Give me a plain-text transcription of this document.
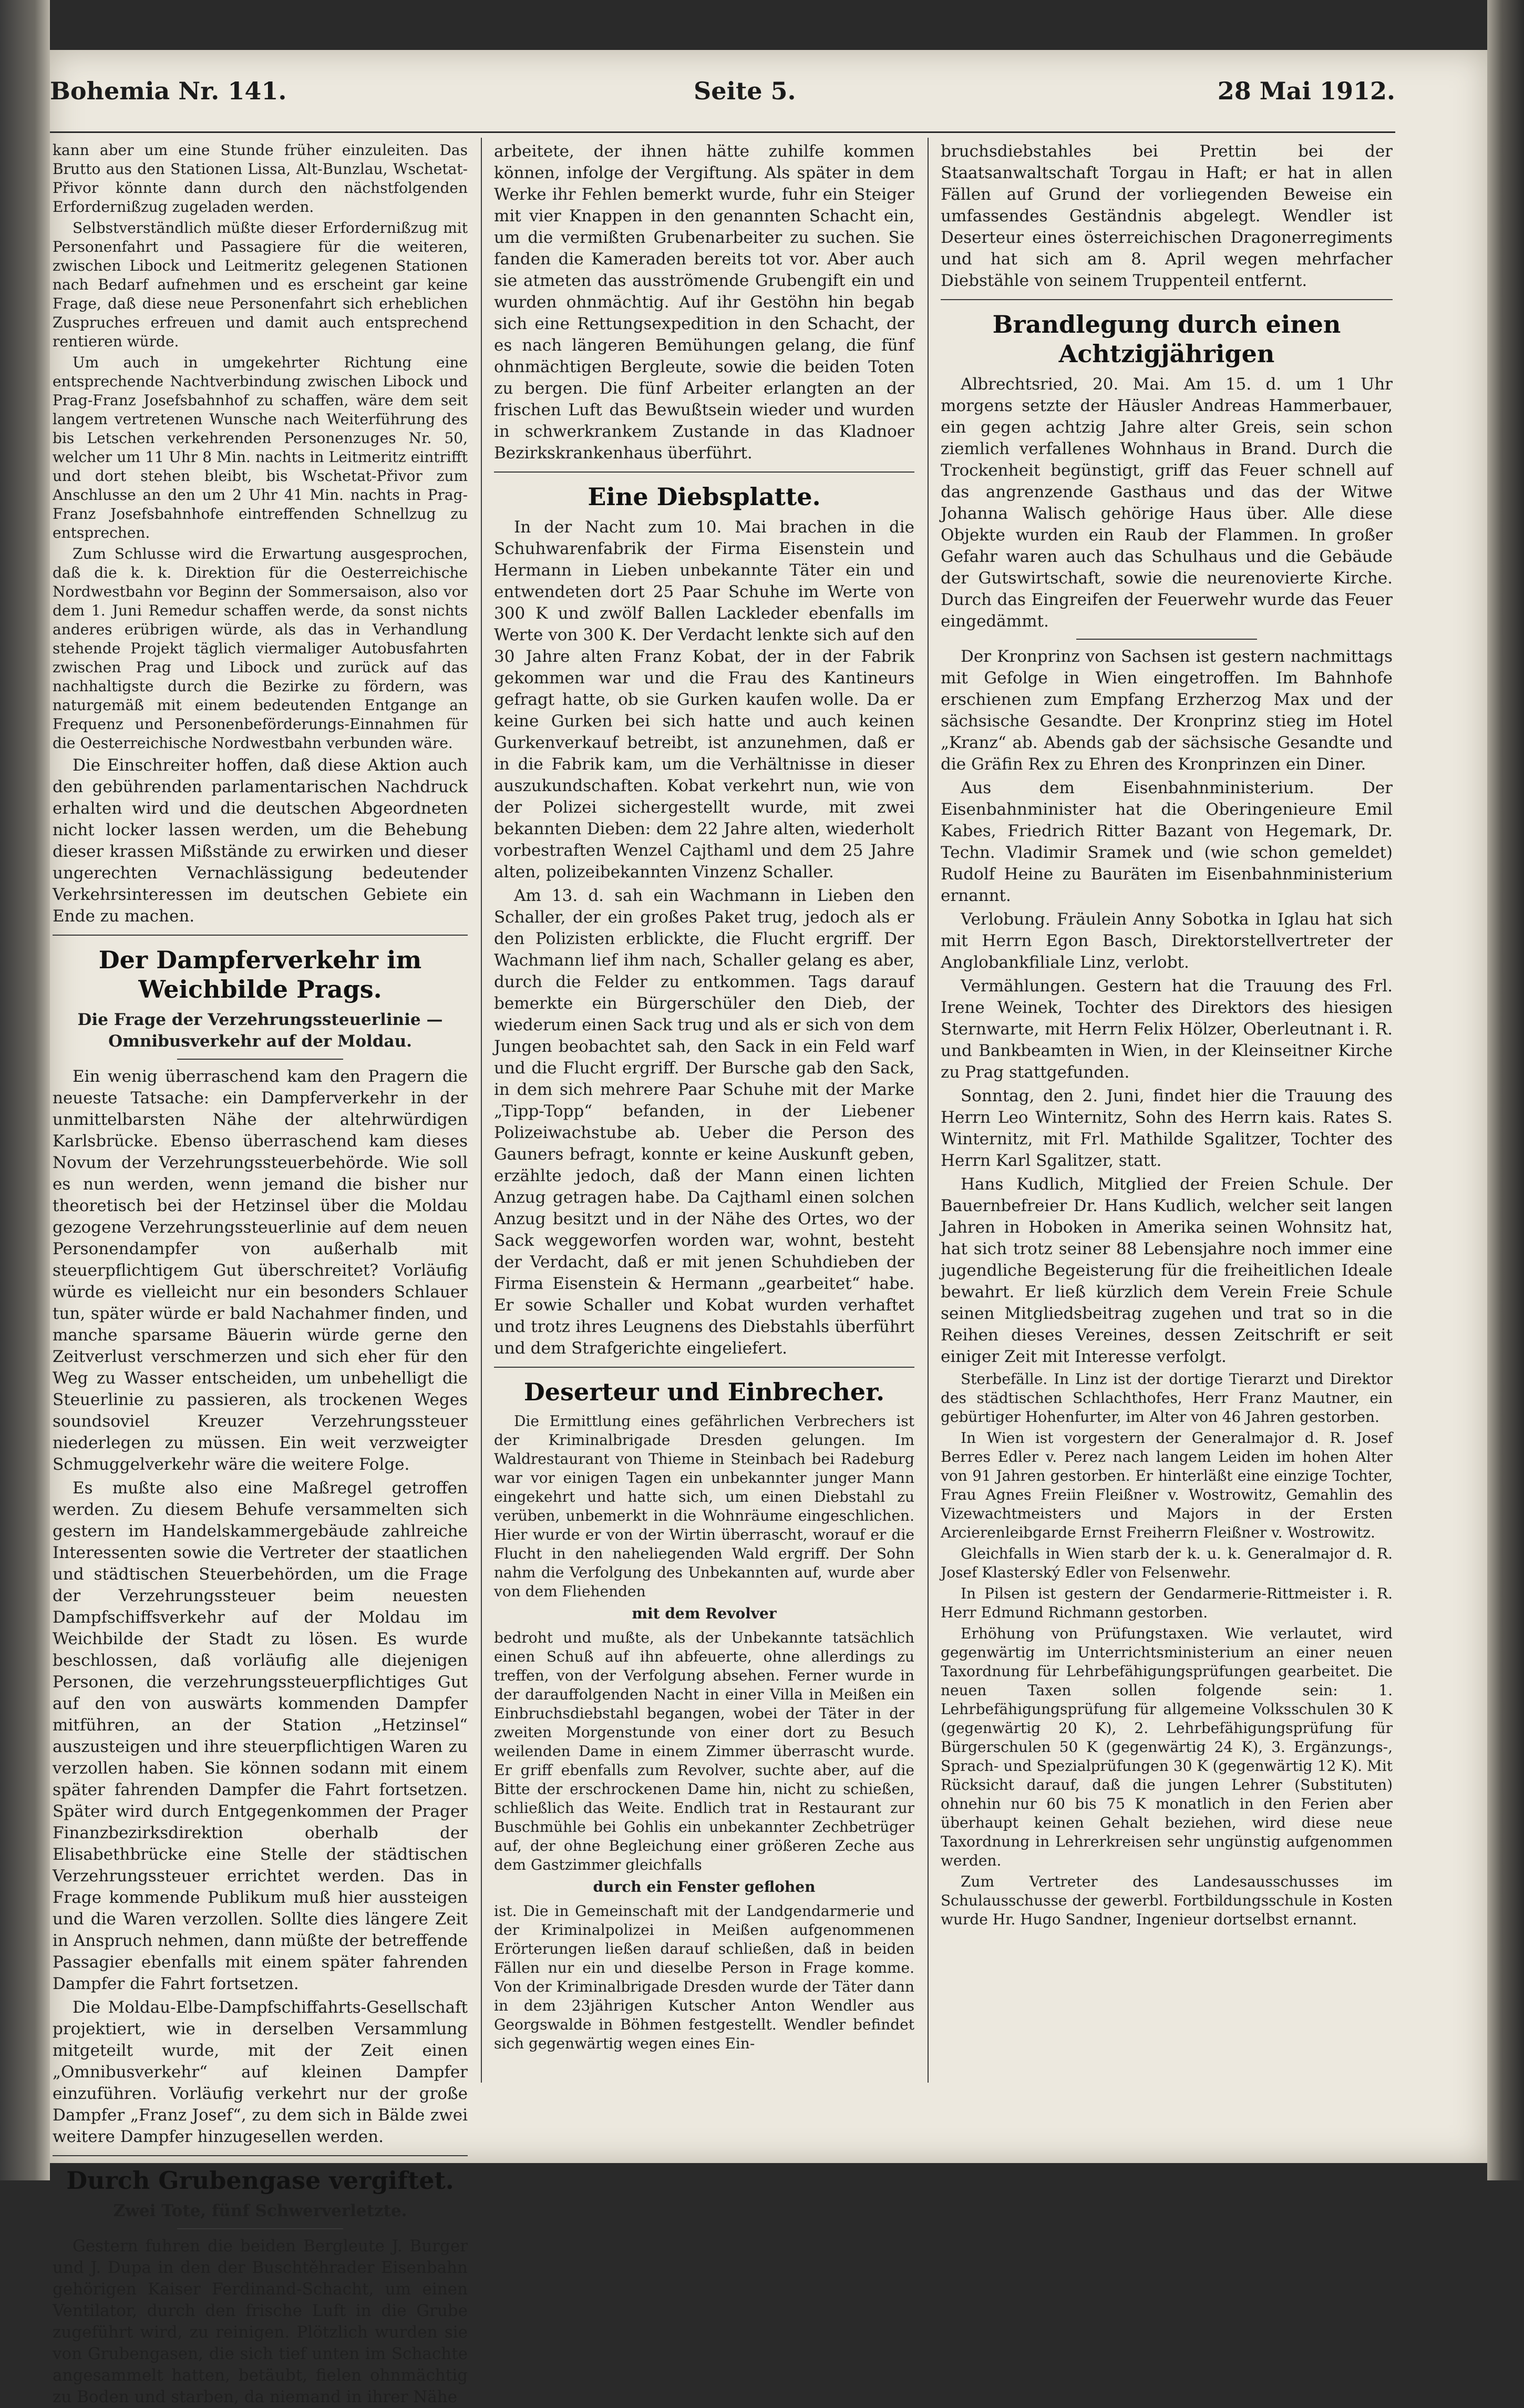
Bohemia Nr. 141.	Seite 5.	28 Mai 1912.

kann aber um eine Stunde früher einzuleiten. Das Brutto aus den Stationen Lissa, Alt-Bunzlau, Wschetat-Přivor könnte dann durch den nächstfolgenden Erfordernißzug zugeladen werden.

Selbstverständlich müßte dieser Erfordernißzug mit Personenfahrt und Passagiere für die weiteren, zwischen Libock und Leitmeritz gelegenen Stationen nach Bedarf aufnehmen und es erscheint gar keine Frage, daß diese neue Personenfahrt sich erheblichen Zuspruches erfreuen und damit auch entsprechend rentieren würde.

Um auch in umgekehrter Richtung eine entsprechende Nachtverbindung zwischen Libock und Prag-Franz Josefsbahnhof zu schaffen, wäre dem seit langem vertretenen Wunsche nach Weiterführung des bis Letschen verkehrenden Personenzuges Nr. 50, welcher um 11 Uhr 8 Min. nachts in Leitmeritz eintrifft und dort stehen bleibt, bis Wschetat-Přivor zum Anschlusse an den um 2 Uhr 41 Min. nachts in Prag-Franz Josefsbahnhofe eintreffenden Schnellzug zu entsprechen.

Zum Schlusse wird die Erwartung ausgesprochen, daß die k. k. Direktion für die Oesterreichische Nordwestbahn vor Beginn der Sommersaison, also vor dem 1. Juni Remedur schaffen werde, da sonst nichts anderes erübrigen würde, als das in Verhandlung stehende Projekt täglich viermaliger Autobusfahrten zwischen Prag und Libock und zurück auf das nachhaltigste durch die Bezirke zu fördern, was naturgemäß mit einem bedeutenden Entgange an Frequenz und Personenbeförderungs-Einnahmen für die Oesterreichische Nordwestbahn verbunden wäre.

Die Einschreiter hoffen, daß diese Aktion auch den gebührenden parlamentarischen Nachdruck erhalten wird und die deutschen Abgeordneten nicht locker lassen werden, um die Behebung dieser krassen Mißstände zu erwirken und dieser ungerechten Vernachlässigung bedeutender Verkehrsinteressen im deutschen Gebiete ein Ende zu machen.

Der Dampferverkehr im Weichbilde Prags.

Die Frage der Verzehrungssteuerlinie — Omnibusverkehr auf der Moldau.

Ein wenig überraschend kam den Pragern die neueste Tatsache: ein Dampferverkehr in der unmittelbarsten Nähe der altehrwürdigen Karlsbrücke. Ebenso überraschend kam dieses Novum der Verzehrungssteuerbehörde. Wie soll es nun werden, wenn jemand die bisher nur theoretisch bei der Hetzinsel über die Moldau gezogene Verzehrungssteuerlinie auf dem neuen Personendampfer von außerhalb mit steuerpflichtigem Gut überschreitet? Vorläufig würde es vielleicht nur ein besonders Schlauer tun, später würde er bald Nachahmer finden, und manche sparsame Bäuerin würde gerne den Zeitverlust verschmerzen und sich eher für den Weg zu Wasser entscheiden, um unbehelligt die Steuerlinie zu passieren, als trockenen Weges soundsoviel Kreuzer Verzehrungssteuer niederlegen zu müssen. Ein weit verzweigter Schmuggelverkehr wäre die weitere Folge.

Es mußte also eine Maßregel getroffen werden. Zu diesem Behufe versammelten sich gestern im Handelskammergebäude zahlreiche Interessenten sowie die Vertreter der staatlichen und städtischen Steuerbehörden, um die Frage der Verzehrungssteuer beim neuesten Dampfschiffsverkehr auf der Moldau im Weichbilde der Stadt zu lösen. Es wurde beschlossen, daß vorläufig alle diejenigen Personen, die verzehrungssteuerpflichtiges Gut auf den von auswärts kommenden Dampfer mitführen, an der Station „Hetzinsel“ auszusteigen und ihre steuerpflichtigen Waren zu verzollen haben. Sie können sodann mit einem später fahrenden Dampfer die Fahrt fortsetzen. Später wird durch Entgegenkommen der Prager Finanzbezirksdirektion oberhalb der Elisabethbrücke eine Stelle der städtischen Verzehrungssteuer errichtet werden. Das in Frage kommende Publikum muß hier aussteigen und die Waren verzollen. Sollte dies längere Zeit in Anspruch nehmen, dann müßte der betreffende Passagier ebenfalls mit einem später fahrenden Dampfer die Fahrt fortsetzen.

Die Moldau-Elbe-Dampfschiffahrts-Gesellschaft projektiert, wie in derselben Versammlung mitgeteilt wurde, mit der Zeit einen „Omnibusverkehr“ auf kleinen Dampfer einzuführen. Vorläufig verkehrt nur der große Dampfer „Franz Josef“, zu dem sich in Bälde zwei weitere Dampfer hinzugesellen werden.

Durch Grubengase vergiftet.

Zwei Tote, fünf Schwerverletzte.

Gestern fuhren die beiden Bergleute J. Burger und J. Dupa in den der Buschtěhrader Eisenbahn gehörigen Kaiser Ferdinand-Schacht, um einen Ventilator, durch den frische Luft in die Grube zugeführt wird, zu reinigen. Plötzlich wurden sie von Grubengasen, die sich tief unten im Schachte angesammelt hatten, betäubt, fielen ohnmächtig zu Boden und starben, da niemand in ihrer Nähe

arbeitete, der ihnen hätte zuhilfe kommen können, infolge der Vergiftung. Als später in dem Werke ihr Fehlen bemerkt wurde, fuhr ein Steiger mit vier Knappen in den genannten Schacht ein, um die vermißten Grubenarbeiter zu suchen. Sie fanden die Kameraden bereits tot vor. Aber auch sie atmeten das ausströmende Grubengift ein und wurden ohnmächtig. Auf ihr Gestöhn hin begab sich eine Rettungsexpedition in den Schacht, der es nach längeren Bemühungen gelang, die fünf ohnmächtigen Bergleute, sowie die beiden Toten zu bergen. Die fünf Arbeiter erlangten an der frischen Luft das Bewußtsein wieder und wurden in schwerkrankem Zustande in das Kladnoer Bezirkskrankenhaus überführt.

Eine Diebsplatte.

In der Nacht zum 10. Mai brachen in die Schuhwarenfabrik der Firma Eisenstein und Hermann in Lieben unbekannte Täter ein und entwendeten dort 25 Paar Schuhe im Werte von 300 K und zwölf Ballen Lackleder ebenfalls im Werte von 300 K. Der Verdacht lenkte sich auf den 30 Jahre alten Franz Kobat, der in der Fabrik gekommen war und die Frau des Kantineurs gefragt hatte, ob sie Gurken kaufen wolle. Da er keine Gurken bei sich hatte und auch keinen Gurkenverkauf betreibt, ist anzunehmen, daß er in die Fabrik kam, um die Verhältnisse in dieser auszukundschaften. Kobat verkehrt nun, wie von der Polizei sichergestellt wurde, mit zwei bekannten Dieben: dem 22 Jahre alten, wiederholt vorbestraften Wenzel Cajthaml und dem 25 Jahre alten, polizeibekannten Vinzenz Schaller.

Am 13. d. sah ein Wachmann in Lieben den Schaller, der ein großes Paket trug, jedoch als er den Polizisten erblickte, die Flucht ergriff. Der Wachmann lief ihm nach, Schaller gelang es aber, durch die Felder zu entkommen. Tags darauf bemerkte ein Bürgerschüler den Dieb, der wiederum einen Sack trug und als er sich von dem Jungen beobachtet sah, den Sack in ein Feld warf und die Flucht ergriff. Der Bursche gab den Sack, in dem sich mehrere Paar Schuhe mit der Marke „Tipp-Topp“ befanden, in der Liebener Polizeiwachstube ab. Ueber die Person des Gauners befragt, konnte er keine Auskunft geben, erzählte jedoch, daß der Mann einen lichten Anzug getragen habe. Da Cajthaml einen solchen Anzug besitzt und in der Nähe des Ortes, wo der Sack weggeworfen worden war, wohnt, besteht der Verdacht, daß er mit jenen Schuhdieben der Firma Eisenstein & Hermann „gearbeitet“ habe. Er sowie Schaller und Kobat wurden verhaftet und trotz ihres Leugnens des Diebstahls überführt und dem Strafgerichte eingeliefert.

Deserteur und Einbrecher.

Die Ermittlung eines gefährlichen Verbrechers ist der Kriminalbrigade Dresden gelungen. Im Waldrestaurant von Thieme in Steinbach bei Radeburg war vor einigen Tagen ein unbekannter junger Mann eingekehrt und hatte sich, um einen Diebstahl zu verüben, unbemerkt in die Wohnräume eingeschlichen. Hier wurde er von der Wirtin überrascht, worauf er die Flucht in den naheliegenden Wald ergriff. Der Sohn nahm die Verfolgung des Unbekannten auf, wurde aber von dem Fliehenden

mit dem Revolver

bedroht und mußte, als der Unbekannte tatsächlich einen Schuß auf ihn abfeuerte, ohne allerdings zu treffen, von der Verfolgung absehen. Ferner wurde in der darauffolgenden Nacht in einer Villa in Meißen ein Einbruchsdiebstahl begangen, wobei der Täter in der zweiten Morgenstunde von einer dort zu Besuch weilenden Dame in einem Zimmer überrascht wurde. Er griff ebenfalls zum Revolver, suchte aber, auf die Bitte der erschrockenen Dame hin, nicht zu schießen, schließlich das Weite. Endlich trat in Restaurant zur Buschmühle bei Gohlis ein unbekannter Zechbetrüger auf, der ohne Begleichung einer größeren Zeche aus dem Gastzimmer gleichfalls

durch ein Fenster geflohen

ist. Die in Gemeinschaft mit der Landgendarmerie und der Kriminalpolizei in Meißen aufgenommenen Erörterungen ließen darauf schließen, daß in beiden Fällen nur ein und dieselbe Person in Frage komme. Von der Kriminalbrigade Dresden wurde der Täter dann in dem 23jährigen Kutscher Anton Wendler aus Georgswalde in Böhmen festgestellt. Wendler befindet sich gegenwärtig wegen eines Ein-

bruchsdiebstahles bei Prettin bei der Staatsanwaltschaft Torgau in Haft; er hat in allen Fällen auf Grund der vorliegenden Beweise ein umfassendes Geständnis abgelegt. Wendler ist Deserteur eines österreichischen Dragonerregiments und hat sich am 8. April wegen mehrfacher Diebstähle von seinem Truppenteil entfernt.

Brandlegung durch einen Achtzigjährigen

Albrechtsried, 20. Mai. Am 15. d. um 1 Uhr morgens setzte der Häusler Andreas Hammerbauer, ein gegen achtzig Jahre alter Greis, sein schon ziemlich verfallenes Wohnhaus in Brand. Durch die Trockenheit begünstigt, griff das Feuer schnell auf das angrenzende Gasthaus und das der Witwe Johanna Walisch gehörige Haus über. Alle diese Objekte wurden ein Raub der Flammen. In großer Gefahr waren auch das Schulhaus und die Gebäude der Gutswirtschaft, sowie die neurenovierte Kirche. Durch das Eingreifen der Feuerwehr wurde das Feuer eingedämmt.

Der Kronprinz von Sachsen ist gestern nachmittags mit Gefolge in Wien eingetroffen. Im Bahnhofe erschienen zum Empfang Erzherzog Max und der sächsische Gesandte. Der Kronprinz stieg im Hotel „Kranz“ ab. Abends gab der sächsische Gesandte und die Gräfin Rex zu Ehren des Kronprinzen ein Diner.

Aus dem Eisenbahnministerium. Der Eisenbahnminister hat die Oberingenieure Emil Kabes, Friedrich Ritter Bazant von Hegemark, Dr. Techn. Vladimir Sramek und (wie schon gemeldet) Rudolf Heine zu Bauräten im Eisenbahnministerium ernannt.

Verlobung. Fräulein Anny Sobotka in Iglau hat sich mit Herrn Egon Basch, Direktorstellvertreter der Anglobankfiliale Linz, verlobt.

Vermählungen. Gestern hat die Trauung des Frl. Irene Weinek, Tochter des Direktors des hiesigen Sternwarte, mit Herrn Felix Hölzer, Oberleutnant i. R. und Bankbeamten in Wien, in der Kleinseitner Kirche zu Prag stattgefunden.

Sonntag, den 2. Juni, findet hier die Trauung des Herrn Leo Winternitz, Sohn des Herrn kais. Rates S. Winternitz, mit Frl. Mathilde Sgalitzer, Tochter des Herrn Karl Sgalitzer, statt.

Hans Kudlich, Mitglied der Freien Schule. Der Bauernbefreier Dr. Hans Kudlich, welcher seit langen Jahren in Hoboken in Amerika seinen Wohnsitz hat, hat sich trotz seiner 88 Lebensjahre noch immer eine jugendliche Begeisterung für die freiheitlichen Ideale bewahrt. Er ließ kürzlich dem Verein Freie Schule seinen Mitgliedsbeitrag zugehen und trat so in die Reihen dieses Vereines, dessen Zeitschrift er seit einiger Zeit mit Interesse verfolgt.

Sterbefälle. In Linz ist der dortige Tierarzt und Direktor des städtischen Schlachthofes, Herr Franz Mautner, ein gebürtiger Hohenfurter, im Alter von 46 Jahren gestorben.

In Wien ist vorgestern der Generalmajor d. R. Josef Berres Edler v. Perez nach langem Leiden im hohen Alter von 91 Jahren gestorben. Er hinterläßt eine einzige Tochter, Frau Agnes Freiin Fleißner v. Wostrowitz, Gemahlin des Vizewachtmeisters und Majors in der Ersten Arcierenleibgarde Ernst Freiherrn Fleißner v. Wostrowitz.

Gleichfalls in Wien starb der k. u. k. Generalmajor d. R. Josef Klasterský Edler von Felsenwehr.

In Pilsen ist gestern der Gendarmerie-Rittmeister i. R. Herr Edmund Richmann gestorben.

Erhöhung von Prüfungstaxen. Wie verlautet, wird gegenwärtig im Unterrichtsministerium an einer neuen Taxordnung für Lehrbefähigungsprüfungen gearbeitet. Die neuen Taxen sollen folgende sein: 1. Lehrbefähigungsprüfung für allgemeine Volksschulen 30 K (gegenwärtig 20 K), 2. Lehrbefähigungsprüfung für Bürgerschulen 50 K (gegenwärtig 24 K), 3. Ergänzungs-, Sprach- und Spezialprüfungen 30 K (gegenwärtig 12 K). Mit Rücksicht darauf, daß die jungen Lehrer (Substituten) ohnehin nur 60 bis 75 K monatlich in den Ferien aber überhaupt keinen Gehalt beziehen, wird diese neue Taxordnung in Lehrerkreisen sehr ungünstig aufgenommen werden.

Zum Vertreter des Landesausschusses im Schulausschusse der gewerbl. Fortbildungsschule in Kosten wurde Hr. Hugo Sandner, Ingenieur dortselbst ernannt.
